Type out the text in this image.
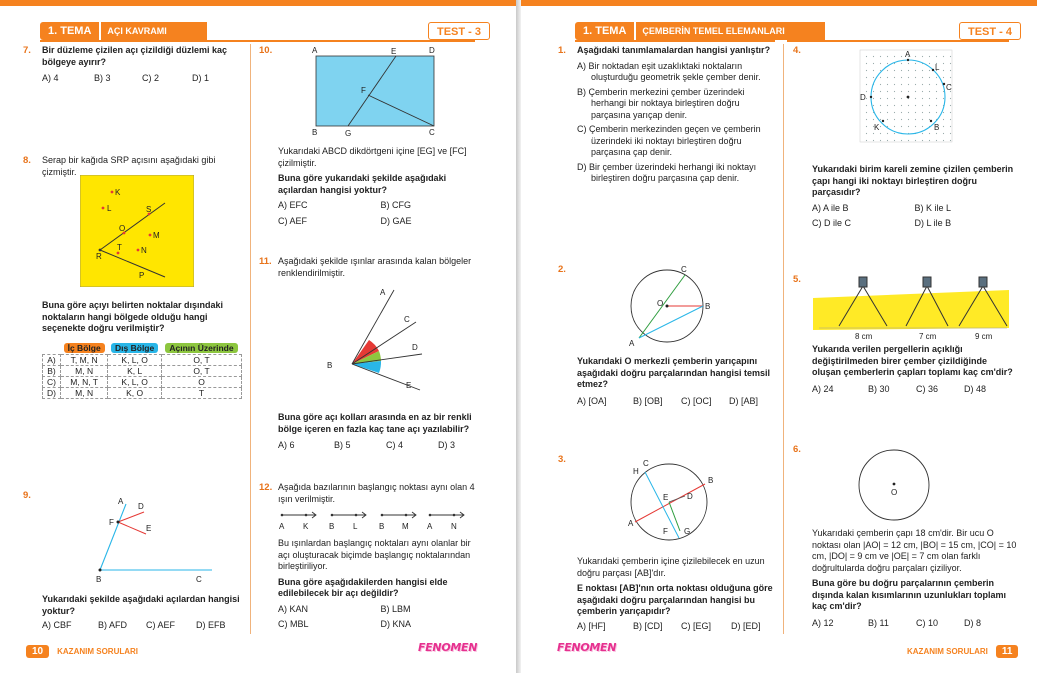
1. TEMA	AÇI KAVRAMI	TEST - 3
7. Bir düzleme çizilen açı çizildiği düzlemi kaç bölgeye ayırır?
A) 4	B) 3	C) 2	D) 1
8. Serap bir kağıda SRP açısını aşağıdaki gibi çizmiştir.
K
L	S
O
M
T N
R
P
Buna göre açıyı belirten noktalar dışındaki noktaların hangi bölgede olduğu hangi seçenekte doğru verilmiştir?
	İç Bölge	Dış Bölge	Açının Üzerinde
A)	T, M, N	K, L, O	O, T
B)	M, N	K, L	O, T
C)	M, N, T	K, L, O	O
D)	M, N	K, O	T
9.
A
D
F
E
B	C
Yukarıdaki şekilde aşağıdaki açılardan hangisi yoktur?
A) CBF	B) AFD	C) AEF	D) EFB
10.	A	E	D
F
B	G	C
Yukarıdaki ABCD dikdörtgeni içine [EG] ve [FC] çizilmiştir.
Buna göre yukarıdaki şekilde aşağıdaki açılardan hangisi yoktur?
A) EFC	B) CFG
C) AEF	D) GAE
11. Aşağıdaki şekilde ışınlar arasında kalan bölgeler renklendirilmiştir.
A
C
D
E
B
Buna göre açı kolları arasında en az bir renkli bölge içeren en fazla kaç tane açı yazılabilir?
A) 6	B) 5	C) 4	D) 3
12. Aşağıda bazılarının başlangıç noktası aynı olan 4 ışın verilmiştir.
A K	B L	B M A N
Bu ışınlardan başlangıç noktaları aynı olanlar bir açı oluşturacak biçimde başlangıç noktalarından birleştiriliyor.
Buna göre aşağıdakilerden hangisi elde edilebilecek bir açı değildir?
A) KAN	B) LBM
C) MBL	D) KNA
10	KAZANIM SORULARI	FENOMEN
1. TEMA	ÇEMBERİN TEMEL ELEMANLARI	TEST - 4
1. Aşağıdaki tanımlamalardan hangisi yanlıştır?
A) Bir noktadan eşit uzaklıktaki noktaların oluşturduğu geometrik şekle çember denir.
B) Çemberin merkezini çember üzerindeki herhangi bir noktaya birleştiren doğru parçasına yarıçap denir.
C) Çemberin merkezinden geçen ve çemberin üzerindeki iki noktayı birleştiren doğru parçasına çap denir.
D) Bir çember üzerindeki herhangi iki noktayı birleştiren doğru parçasına çap denir.
2.	C
O	B
A
Yukarıdaki O merkezli çemberin yarıçapını aşağıdaki doğru parçalarından hangisi temsil etmez?
A) [OA]	B) [OB]	C) [OC]	D) [AB]
3.
H
C
B
E D
A
F G
Yukarıdaki çemberin içine çizilebilecek en uzun doğru parçası [AB]'dır.
E noktası [AB]'nın orta noktası olduğuna göre aşağıdaki doğru parçalarından hangisi bu çemberin yarıçapıdır?
A) [HF]	B) [CD]	C) [EG]	D) [ED]
4.	A
L
C
D
K	B
Yukarıdaki birim kareli zemine çizilen çemberin çapı hangi iki noktayı birleştiren doğru parçasıdır?
A) A ile B	B) K ile L
C) D ile C	D) L ile B
5.
8 cm	7 cm	9 cm
Yukarıda verilen pergellerin açıklığı değiştirilmeden birer çember çizildiğinde oluşan çemberlerin çapları toplamı kaç cm'dir?
A) 24	B) 30	C) 36	D) 48
6.
O
Yukarıdaki çemberin çapı 18 cm'dir. Bir ucu O noktası olan |AO| = 12 cm, |BO| = 15 cm, |CO| = 10 cm, |DO| = 9 cm ve |OE| = 7 cm olan farklı doğrultularda doğru parçaları çiziliyor.
Buna göre bu doğru parçalarının çemberin dışında kalan kısımlarının uzunlukları toplamı kaç cm'dir?
A) 12	B) 11	C) 10	D) 8
FENOMEN	KAZANIM SORULARI	11
